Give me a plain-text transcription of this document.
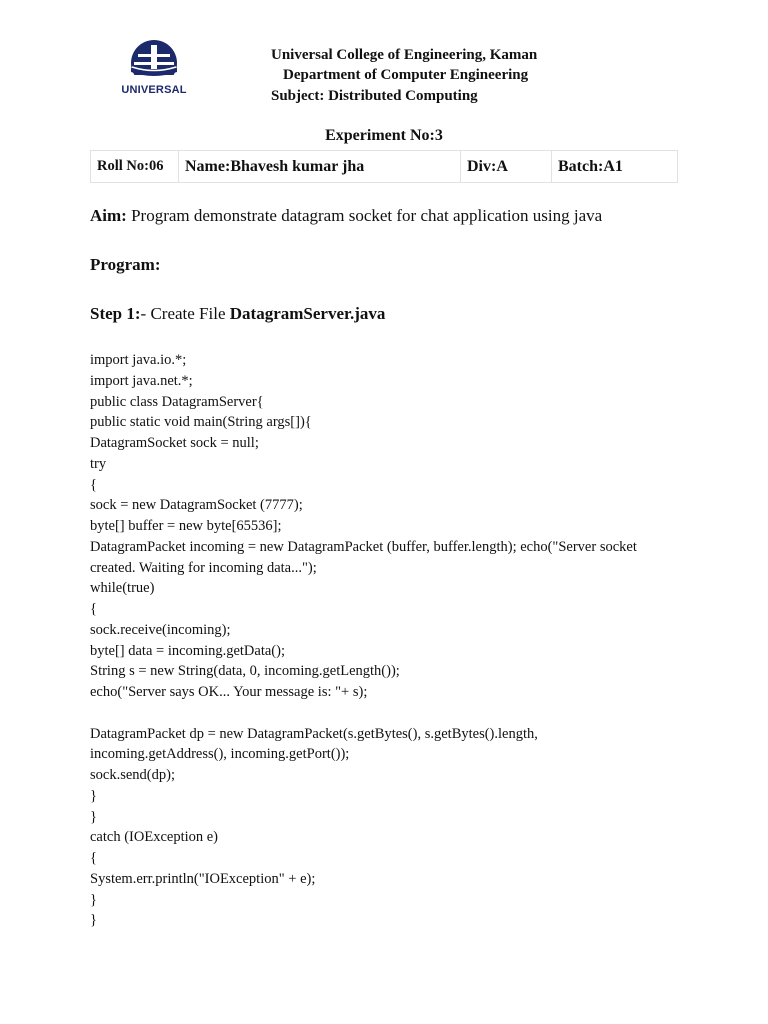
UNIVERSAL
Universal College of Engineering, Kaman
Department of Computer Engineering
Subject: Distributed Computing
Experiment No:3
Roll No:06	Name:Bhavesh kumar jha	Div:A	Batch:A1
Aim: Program demonstrate datagram socket for chat application using java
Program:
Step 1:- Create File DatagramServer.java
import java.io.*;
import java.net.*;
public class DatagramServer{
public static void main(String args[]){
DatagramSocket sock = null;
try
{
sock = new DatagramSocket (7777);
byte[] buffer = new byte[65536];
DatagramPacket incoming = new DatagramPacket (buffer, buffer.length); echo("Server socket
created. Waiting for incoming data...");
while(true)
{
sock.receive(incoming);
byte[] data = incoming.getData();
String s = new String(data, 0, incoming.getLength());
echo("Server says OK... Your message is: "+ s);
DatagramPacket dp = new DatagramPacket(s.getBytes(), s.getBytes().length,
incoming.getAddress(), incoming.getPort());
sock.send(dp);
}
}
catch (IOException e)
{
System.err.println("IOException" + e);
}
}
